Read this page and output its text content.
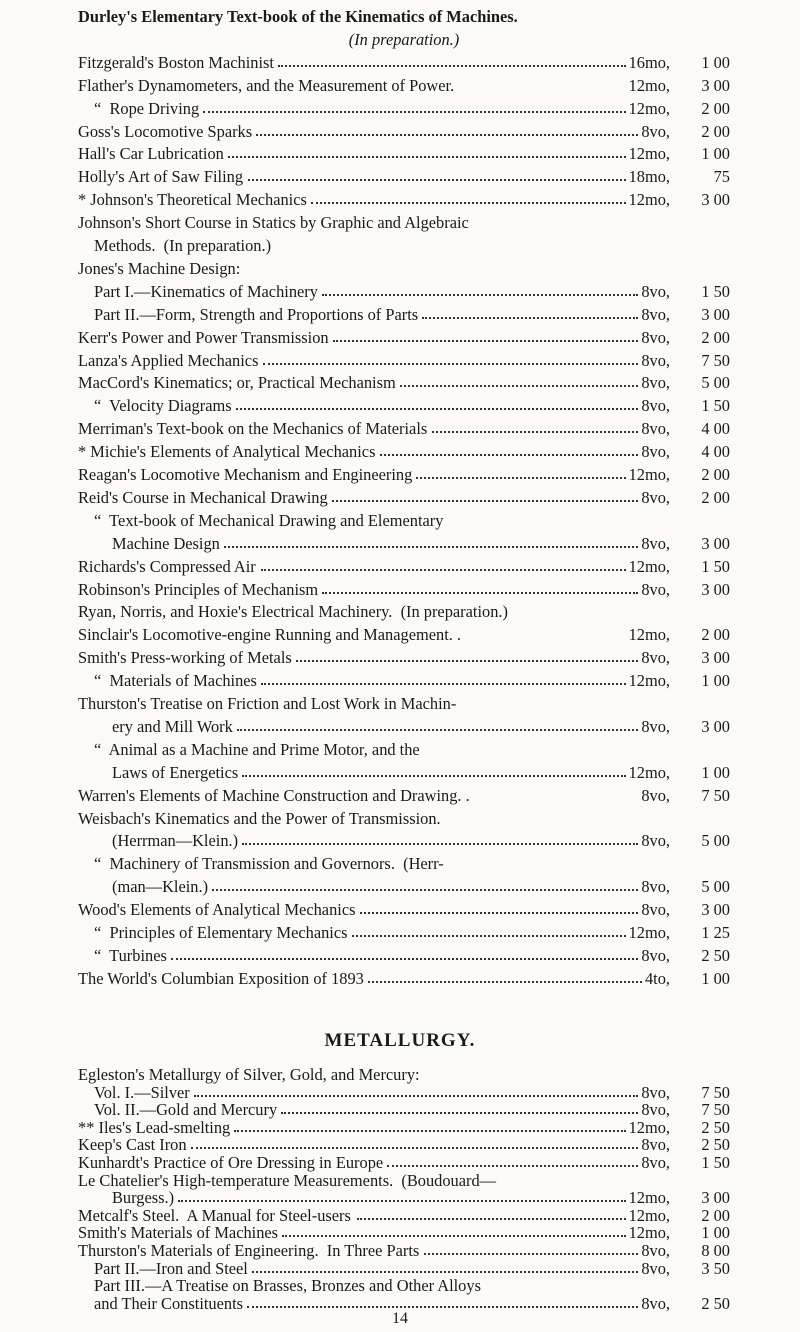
Durley's Elementary Text-book of the Kinematics of Machines.
(In preparation.)
Fitzgerald's Boston Machinist	16mo,	1 00
Flather's Dynamometers, and the Measurement of Power.	12mo,	3 00
“  Rope Driving	12mo,	2 00
Goss's Locomotive Sparks	8vo,	2 00
Hall's Car Lubrication	12mo,	1 00
Holly's Art of Saw Filing	18mo,	75
* Johnson's Theoretical Mechanics	12mo,	3 00
Johnson's Short Course in Statics by Graphic and Algebraic
Methods.  (In preparation.)
Jones's Machine Design:
Part I.—Kinematics of Machinery	8vo,	1 50
Part II.—Form, Strength and Proportions of Parts	8vo,	3 00
Kerr's Power and Power Transmission	8vo,	2 00
Lanza's Applied Mechanics	8vo,	7 50
MacCord's Kinematics; or, Practical Mechanism	8vo,	5 00
“  Velocity Diagrams	8vo,	1 50
Merriman's Text-book on the Mechanics of Materials	8vo,	4 00
* Michie's Elements of Analytical Mechanics	8vo,	4 00
Reagan's Locomotive Mechanism and Engineering	12mo,	2 00
Reid's Course in Mechanical Drawing	8vo,	2 00
“  Text-book of Mechanical Drawing and Elementary
Machine Design	8vo,	3 00
Richards's Compressed Air	12mo,	1 50
Robinson's Principles of Mechanism	8vo,	3 00
Ryan, Norris, and Hoxie's Electrical Machinery.  (In preparation.)
Sinclair's Locomotive-engine Running and Management. .	12mo,	2 00
Smith's Press-working of Metals	8vo,	3 00
“  Materials of Machines	12mo,	1 00
Thurston's Treatise on Friction and Lost Work in Machin-
ery and Mill Work	8vo,	3 00
“  Animal as a Machine and Prime Motor, and the
Laws of Energetics	12mo,	1 00
Warren's Elements of Machine Construction and Drawing. .	8vo,	7 50
Weisbach's Kinematics and the Power of Transmission.
(Herrman—Klein.)	8vo,	5 00
“  Machinery of Transmission and Governors.  (Herr-
(man—Klein.)	8vo,	5 00
Wood's Elements of Analytical Mechanics	8vo,	3 00
“  Principles of Elementary Mechanics	12mo,	1 25
“  Turbines	8vo,	2 50
The World's Columbian Exposition of 1893	4to,	1 00
METALLURGY.
Egleston's Metallurgy of Silver, Gold, and Mercury:
Vol. I.—Silver	8vo,	7 50
Vol. II.—Gold and Mercury	8vo,	7 50
** Iles's Lead-smelting	12mo,	2 50
Keep's Cast Iron	8vo,	2 50
Kunhardt's Practice of Ore Dressing in Europe	8vo,	1 50
Le Chatelier's High-temperature Measurements.  (Boudouard—
Burgess.)	12mo,	3 00
Metcalf's Steel.  A Manual for Steel-users	12mo,	2 00
Smith's Materials of Machines	12mo,	1 00
Thurston's Materials of Engineering.  In Three Parts	8vo,	8 00
Part II.—Iron and Steel	8vo,	3 50
Part III.—A Treatise on Brasses, Bronzes and Other Alloys
and Their Constituents	8vo,	2 50
14
